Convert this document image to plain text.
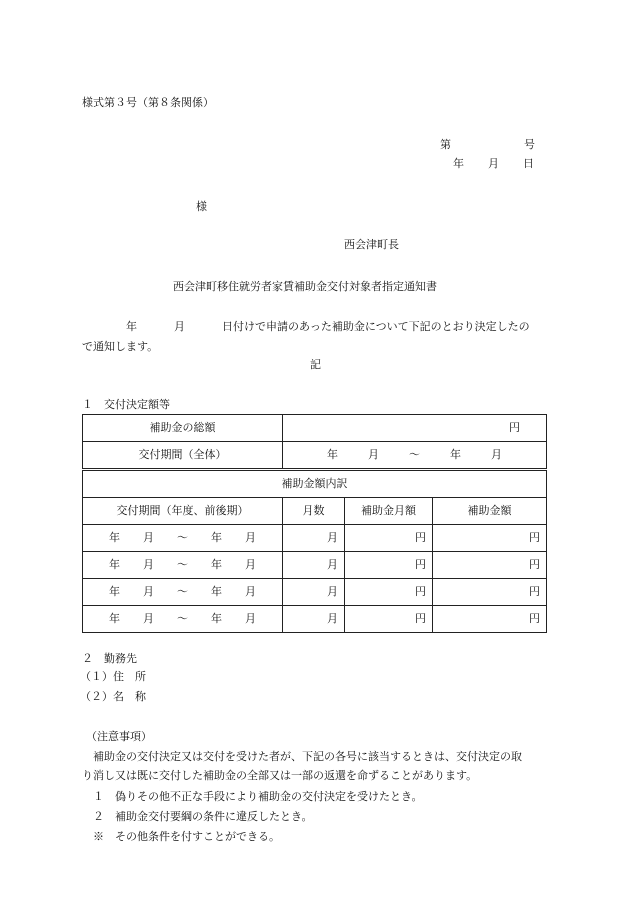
様式第３号（第８条関係）
第	号
年 月 日
様
西会津町長
西会津町移住就労者家賃補助金交付対象者指定通知書
年	月	日付けで申請のあった補助金について下記のとおり決定したの
で通知します。
記
１　交付決定額等
補助金の総額	円		
交付期間（全体）	年 月 ～ 年 月		

補助金額内訳			
交付期間（年度、前後期）	月数	補助金月額	補助金額

年 月 ～ 年 月	月	円	円

年 月 ～ 年 月	月	円	円

年 月 ～ 年 月	月	円	円

年 月 ～ 年 月	月	円	円
２　勤務先
（１）住　所
（２）名　称
（注意事項）
補助金の交付決定又は交付を受けた者が、下記の各号に該当するときは、交付決定の取
り消し又は既に交付した補助金の全部又は一部の返還を命ずることがあります。
１　偽りその他不正な手段により補助金の交付決定を受けたとき。
２　補助金交付要綱の条件に違反したとき。
※　その他条件を付すことができる。
